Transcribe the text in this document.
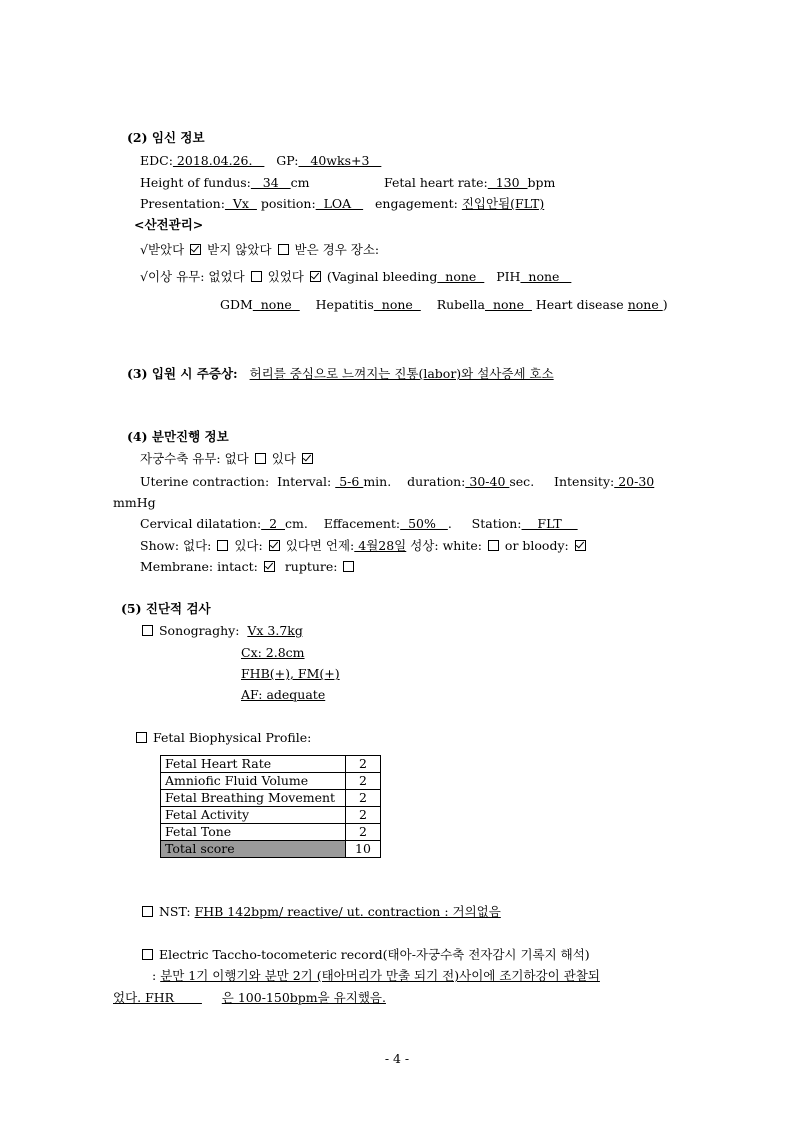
(2) 임신 정보
EDC: 2018.04.26.      GP:   40wks+3
Height of fundus:   34   cm	Fetal heart rate:  130  bpm
Presentation:  Vx   position:  LOA      engagement: 진입안됨(FLT)
<산전관리>
√받았다 받지 않았다 받은 경우 장소:
√이상 유무: 없었다 있었다 (Vaginal bleeding  none     PIH  none
GDM  none      Hepatitis  none      Rubella  none   Heart disease none )
(3) 입원 시 주증상: 허리를 중심으로 느껴지는 진통(labor)와 설사증세 호소
(4) 분만진행 정보
자궁수축 유무: 없다 있다
Uterine contraction: Interval:  5-6 min. duration: 30-40 sec. Intensity: 20-30
mmHg
Cervical dilatation:  2  cm. Effacement:  50%   . Station:    FLT
Show: 없다: 있다: 있다면 언제: 4월28일 성상: white: or bloody:
Membrane: intact: rupture:
(5) 진단적 검사
Sonograghy: Vx 3.7kg
Cx: 2.8cm
FHB(+), FM(+)
AF: adequate
Fetal Biophysical Profile:
Fetal Heart Rate	2
Amniofic Fluid Volume	2
Fetal Breathing Movement	2
Fetal Activity	2
Fetal Tone	2
Total score	10
NST: FHB 142bpm/ reactive/ ut. contraction : 거의없음
Electric Taccho-tocometeric record(태아-자궁수축 전자감시 기록지 해석)
: 분만 1기 이행기와 분만 2기 (태아머리가 만출 되기 전)사이에 조기하강이 관찰되
었다. FHR            은 100-150bpm을 유지했음.
- 4 -
